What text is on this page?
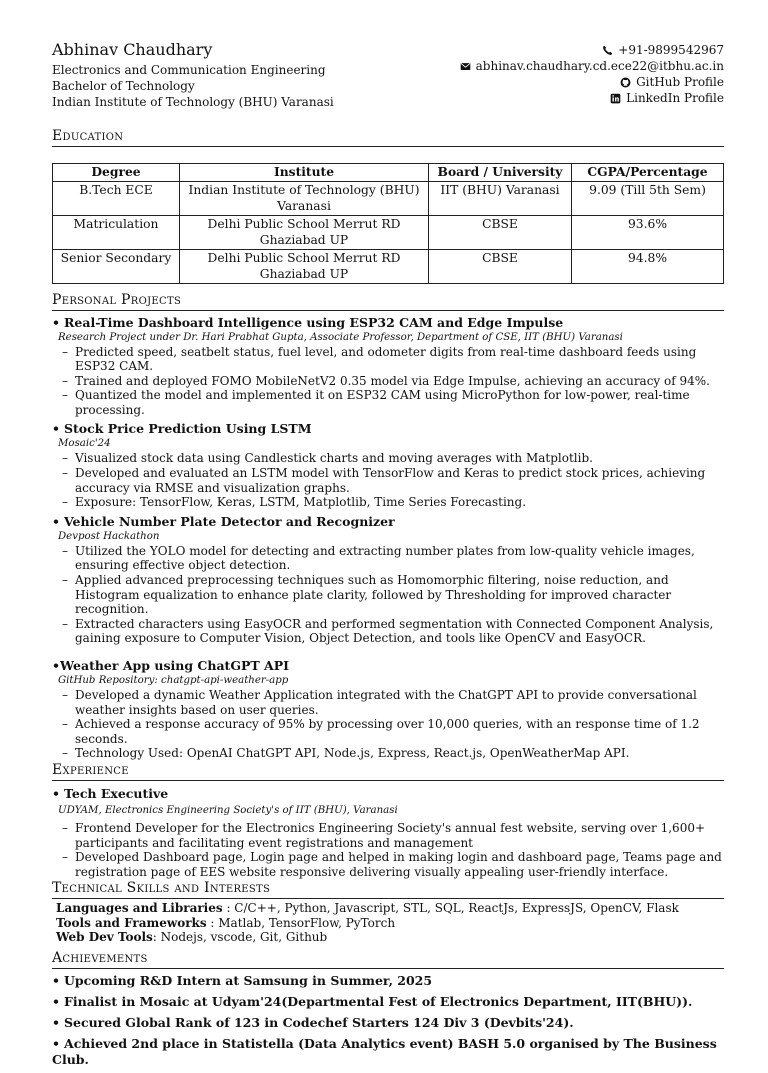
Abhinav Chaudhary
Electronics and Communication Engineering
Bachelor of Technology
Indian Institute of Technology (BHU) Varanasi
+91-9899542967
abhinav.chaudhary.cd.ece22@itbhu.ac.in
GitHub Profile
LinkedIn Profile
Education
Degree	Institute	Board / University	CGPA/Percentage
B.Tech ECE	Indian Institute of Technology (BHU) Varanasi	IIT (BHU) Varanasi	9.09 (Till 5th Sem)
Matriculation	Delhi Public School Merrut RD Ghaziabad UP	CBSE	93.6%
Senior Secondary	Delhi Public School Merrut RD Ghaziabad UP	CBSE	94.8%
Personal Projects
• Real-Time Dashboard Intelligence using ESP32 CAM and Edge Impulse
Research Project under Dr. Hari Prabhat Gupta, Associate Professor, Department of CSE, IIT (BHU) Varanasi
– Predicted speed, seatbelt status, fuel level, and odometer digits from real-time dashboard feeds using ESP32 CAM.
– Trained and deployed FOMO MobileNetV2 0.35 model via Edge Impulse, achieving an accuracy of 94%.
– Quantized the model and implemented it on ESP32 CAM using MicroPython for low-power, real-time processing.
• Stock Price Prediction Using LSTM
Mosaic'24
– Visualized stock data using Candlestick charts and moving averages with Matplotlib.
– Developed and evaluated an LSTM model with TensorFlow and Keras to predict stock prices, achieving accuracy via RMSE and visualization graphs.
– Exposure: TensorFlow, Keras, LSTM, Matplotlib, Time Series Forecasting.
• Vehicle Number Plate Detector and Recognizer
Devpost Hackathon
– Utilized the YOLO model for detecting and extracting number plates from low-quality vehicle images, ensuring effective object detection.
– Applied advanced preprocessing techniques such as Homomorphic filtering, noise reduction, and Histogram equalization to enhance plate clarity, followed by Thresholding for improved character recognition.
– Extracted characters using EasyOCR and performed segmentation with Connected Component Analysis, gaining exposure to Computer Vision, Object Detection, and tools like OpenCV and EasyOCR.
•Weather App using ChatGPT API
GitHub Repository: chatgpt-api-weather-app
– Developed a dynamic Weather Application integrated with the ChatGPT API to provide conversational weather insights based on user queries.
– Achieved a response accuracy of 95% by processing over 10,000 queries, with an response time of 1.2 seconds.
– Technology Used: OpenAI ChatGPT API, Node.js, Express, React.js, OpenWeatherMap API.
Experience
• Tech Executive
UDYAM, Electronics Engineering Society's of IIT (BHU), Varanasi
– Frontend Developer for the Electronics Engineering Society's annual fest website, serving over 1,600+ participants and facilitating event registrations and management
– Developed Dashboard page, Login page and helped in making login and dashboard page, Teams page and registration page of EES website responsive delivering visually appealing user-friendly interface.
Technical Skills and Interests
Languages and Libraries : C/C++, Python, Javascript, STL, SQL, ReactJs, ExpressJS, OpenCV, Flask
Tools and Frameworks : Matlab, TensorFlow, PyTorch
Web Dev Tools: Nodejs, vscode, Git, Github
Achievements
• Upcoming R&D Intern at Samsung in Summer, 2025
• Finalist in Mosaic at Udyam'24(Departmental Fest of Electronics Department, IIT(BHU)).
• Secured Global Rank of 123 in Codechef Starters 124 Div 3 (Devbits'24).
• Achieved 2nd place in Statistella (Data Analytics event) BASH 5.0 organised by The Business Club.
